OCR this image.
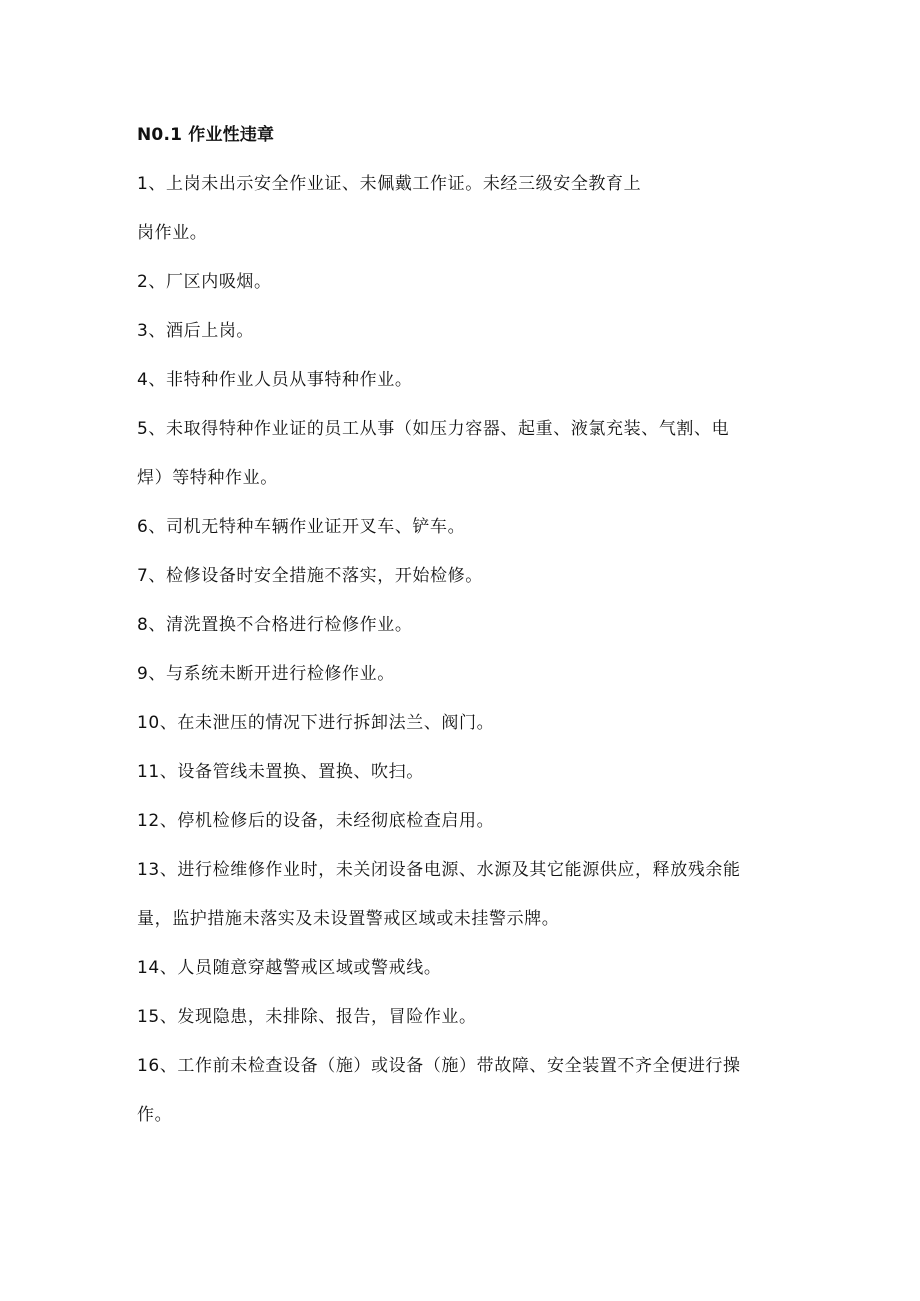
N0.1 作业性违章

1、上岗未出示安全作业证、未佩戴工作证。未经三级安全教育上

岗作业。

2、厂区内吸烟。

3、酒后上岗。

4、非特种作业人员从事特种作业。

5、未取得特种作业证的员工从事（如压力容器、起重、液氯充装、气割、电

焊）等特种作业。

6、司机无特种车辆作业证开叉车、铲车。

7、检修设备时安全措施不落实，开始检修。

8、清洗置换不合格进行检修作业。

9、与系统未断开进行检修作业。

10、在未泄压的情况下进行拆卸法兰、阀门。

11、设备管线未置换、置换、吹扫。

12、停机检修后的设备，未经彻底检查启用。

13、进行检维修作业时，未关闭设备电源、水源及其它能源供应，释放残余能

量，监护措施未落实及未设置警戒区域或未挂警示牌。

14、人员随意穿越警戒区域或警戒线。

15、发现隐患，未排除、报告，冒险作业。

16、工作前未检查设备（施）或设备（施）带故障、安全装置不齐全便进行操

作。
